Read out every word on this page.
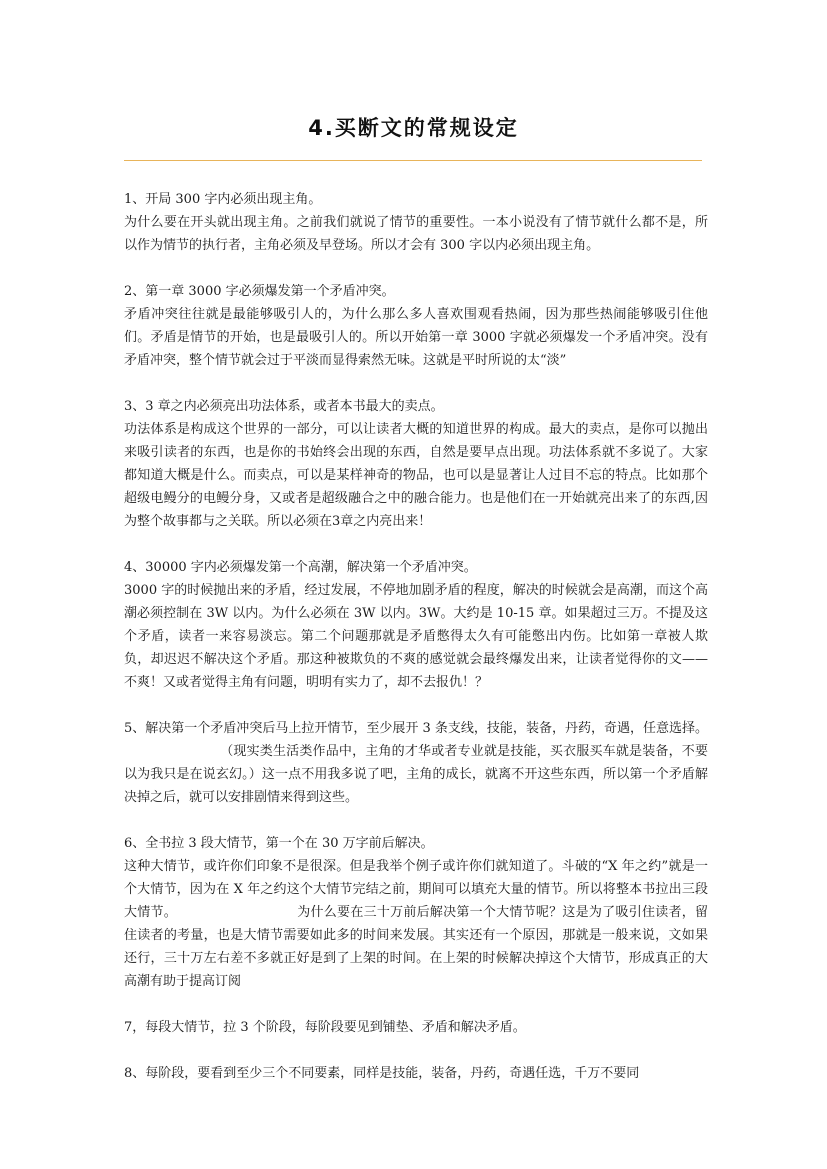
4.买断文的常规设定

1、开局 300 字内必须出现主角。

为什么要在开头就出现主角。之前我们就说了情节的重要性。一本小说没有了情节就什么都不是，所以作为情节的执行者，主角必须及早登场。所以才会有 300 字以内必须出现主角。

2、第一章 3000 字必须爆发第一个矛盾冲突。

矛盾冲突往往就是最能够吸引人的，为什么那么多人喜欢围观看热闹，因为那些热闹能够吸引住他们。矛盾是情节的开始，也是最吸引人的。所以开始第一章 3000 字就必须爆发一个矛盾冲突。没有矛盾冲突，整个情节就会过于平淡而显得索然无味。这就是平时所说的太“淡”

3、3 章之内必须亮出功法体系，或者本书最大的卖点。

功法体系是构成这个世界的一部分，可以让读者大概的知道世界的构成。最大的卖点，是你可以抛出来吸引读者的东西，也是你的书始终会出现的东西，自然是要早点出现。功法体系就不多说了。大家都知道大概是什么。而卖点，可以是某样神奇的物品，也可以是显著让人过目不忘的特点。比如那个超级电鳗分的电鳗分身，又或者是超级融合之中的融合能力。也是他们在一开始就亮出来了的东西,因为整个故事都与之关联。所以必须在3章之内亮出来！

4、30000 字内必须爆发第一个高潮，解决第一个矛盾冲突。

3000 字的时候抛出来的矛盾，经过发展，不停地加剧矛盾的程度，解决的时候就会是高潮，而这个高潮必须控制在 3W 以内。为什么必须在 3W 以内。3W。大约是 10-15 章。如果超过三万。不提及这个矛盾，读者一来容易淡忘。第二个问题那就是矛盾憋得太久有可能憋出内伤。比如第一章被人欺负，却迟迟不解决这个矛盾。那这种被欺负的不爽的感觉就会最终爆发出来，让读者觉得你的文——不爽！又或者觉得主角有问题，明明有实力了，却不去报仇！？

5、解决第一个矛盾冲突后马上拉开情节，至少展开 3 条支线，技能，装备，丹药，奇遇，任意选择。（现实类生活类作品中，主角的才华或者专业就是技能，买衣服买车就是装备，不要以为我只是在说玄幻。）这一点不用我多说了吧，主角的成长，就离不开这些东西，所以第一个矛盾解决掉之后，就可以安排剧情来得到这些。

6、全书拉 3 段大情节，第一个在 30 万字前后解决。

这种大情节，或许你们印象不是很深。但是我举个例子或许你们就知道了。斗破的“X 年之约”就是一个大情节，因为在 X 年之约这个大情节完结之前，期间可以填充大量的情节。所以将整本书拉出三段大情节。	为什么要在三十万前后解决第一个大情节呢？这是为了吸引住读者，留住读者的考量，也是大情节需要如此多的时间来发展。其实还有一个原因，那就是一般来说，文如果还行，三十万左右差不多就正好是到了上架的时间。在上架的时候解决掉这个大情节，形成真正的大高潮有助于提高订阅

7，每段大情节，拉 3 个阶段，每阶段要见到铺垫、矛盾和解决矛盾。

8、每阶段，要看到至少三个不同要素，同样是技能，装备，丹药，奇遇任选，千万不要同
